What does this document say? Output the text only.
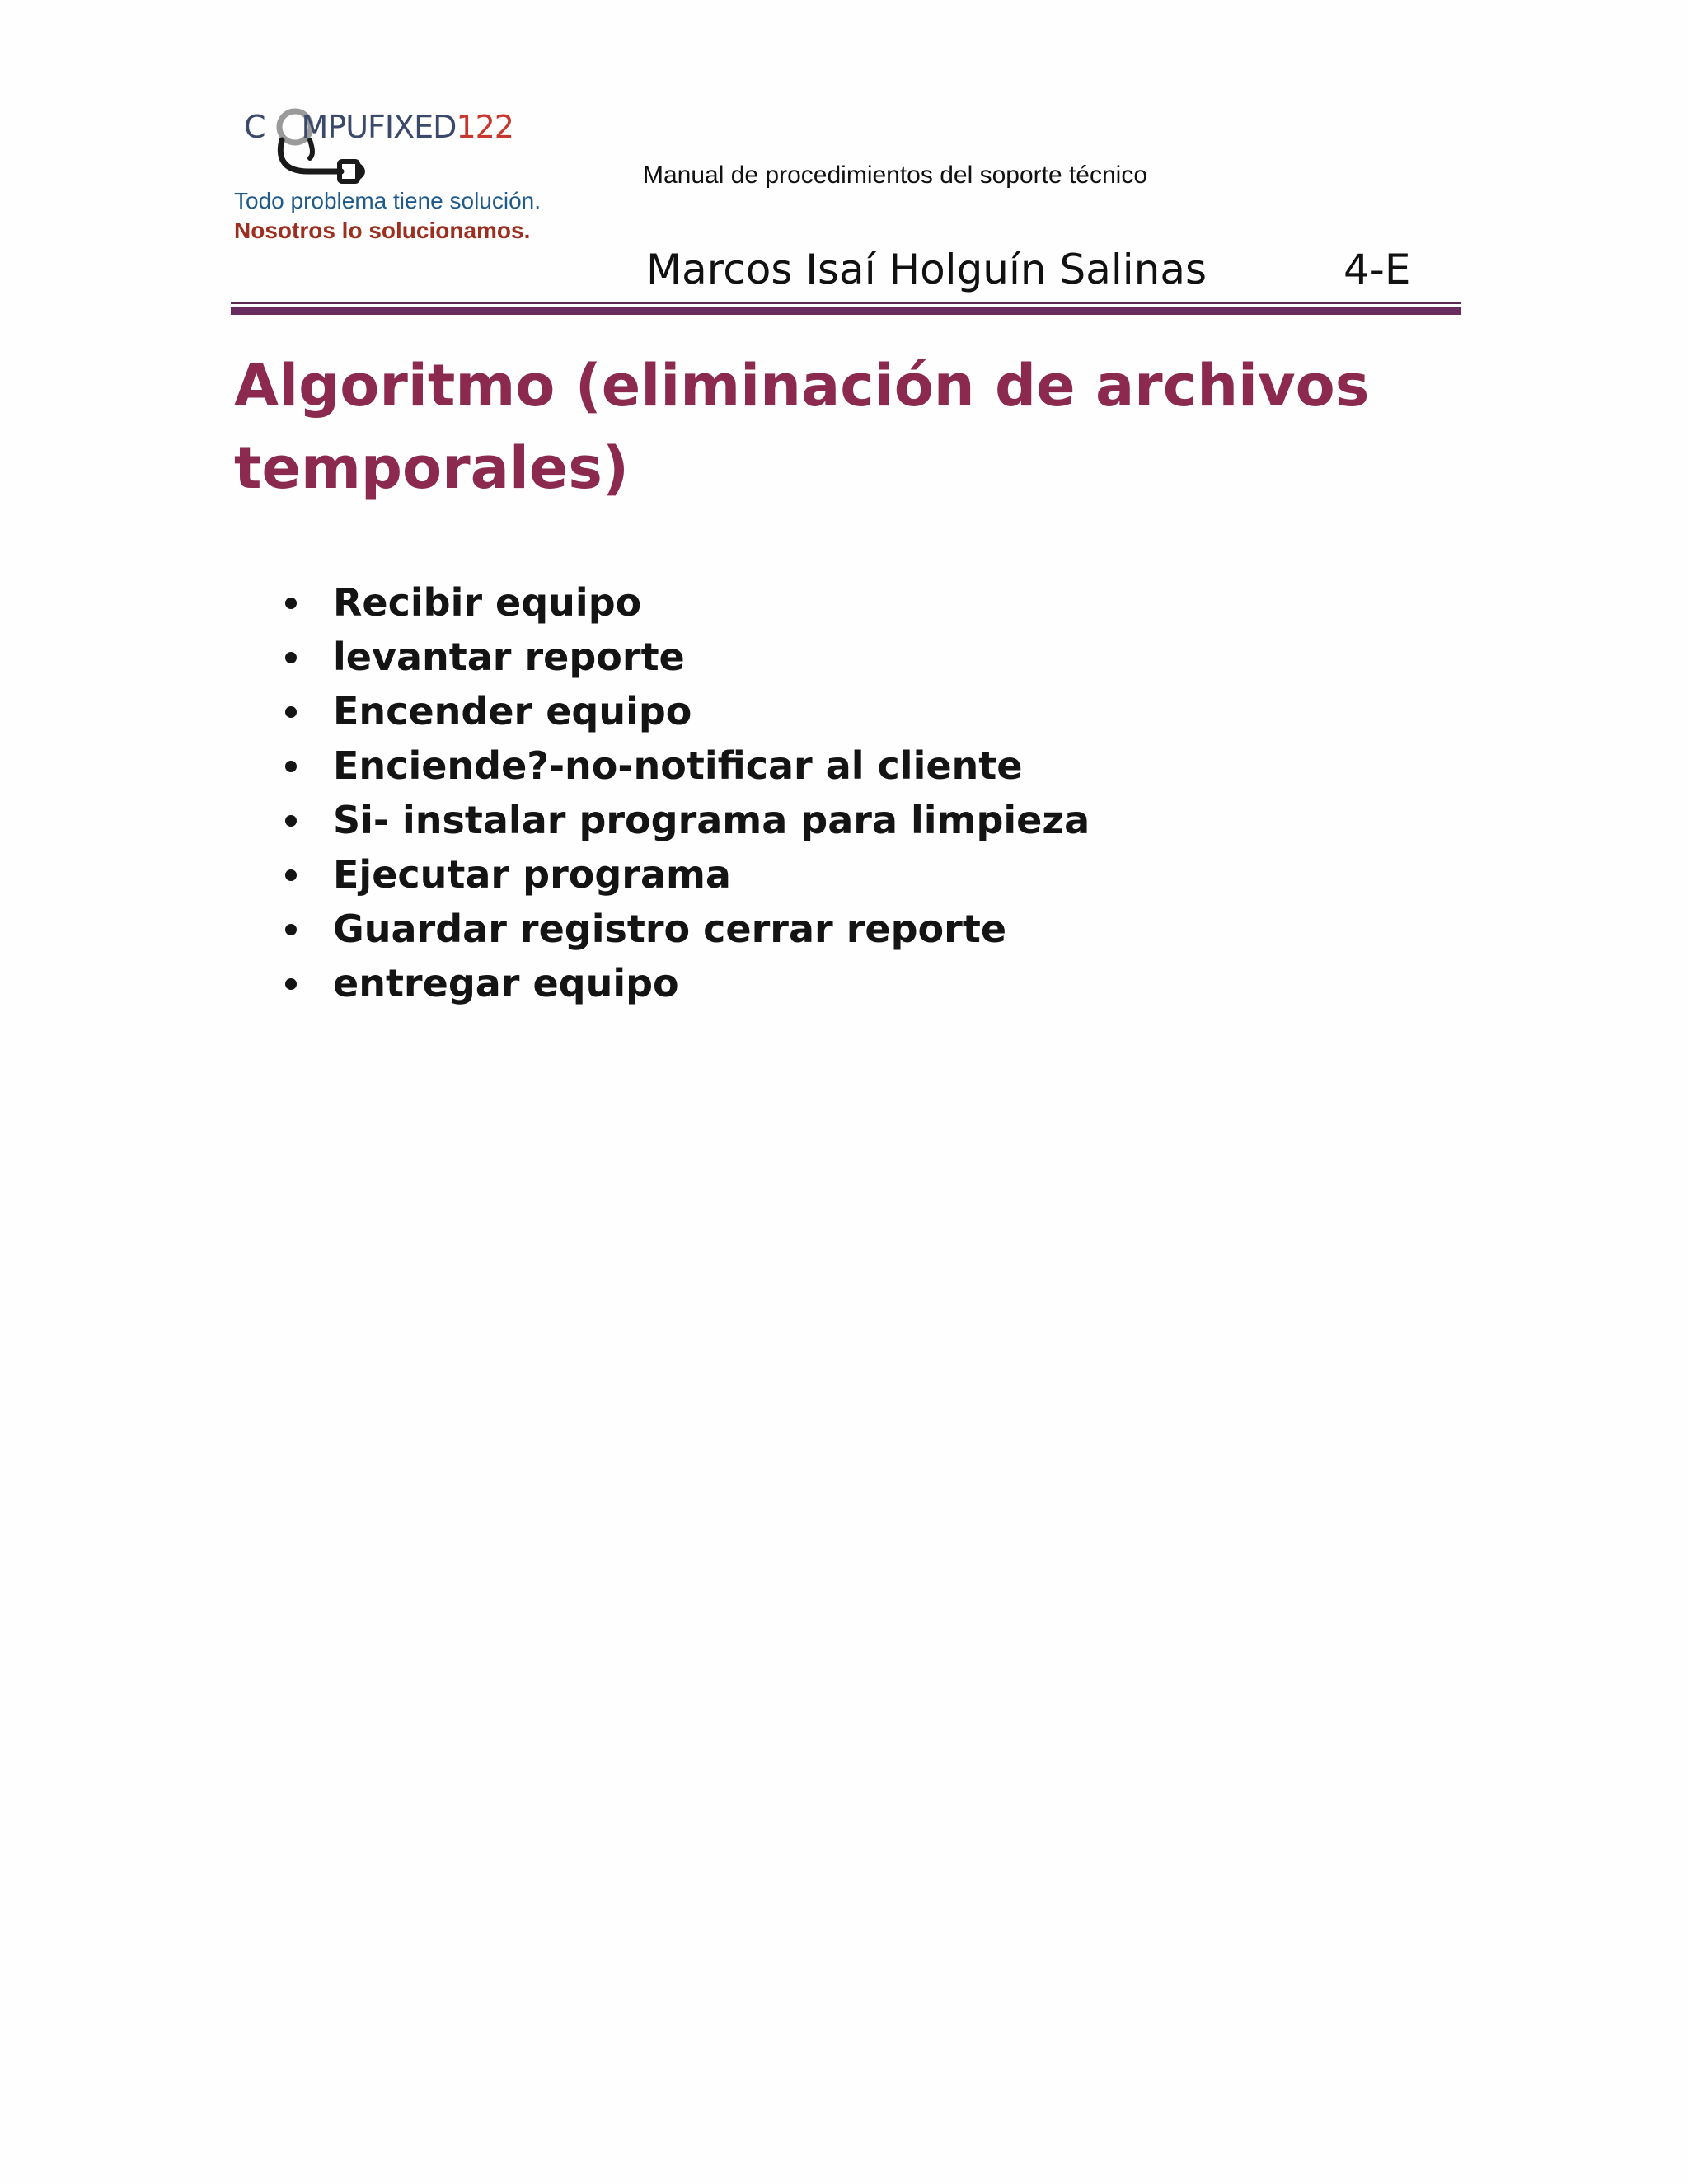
C MPUFIXED122
Todo problema tiene solución.
Nosotros lo solucionamos.
Manual de procedimientos del soporte técnico
Marcos Isaí Holguín Salinas	4-E
Algoritmo (eliminación de archivos temporales)
Recibir equipo
levantar reporte
Encender equipo
Enciende?-no-notificar al cliente
Si- instalar programa para limpieza
Ejecutar programa
Guardar registro cerrar reporte
entregar equipo
